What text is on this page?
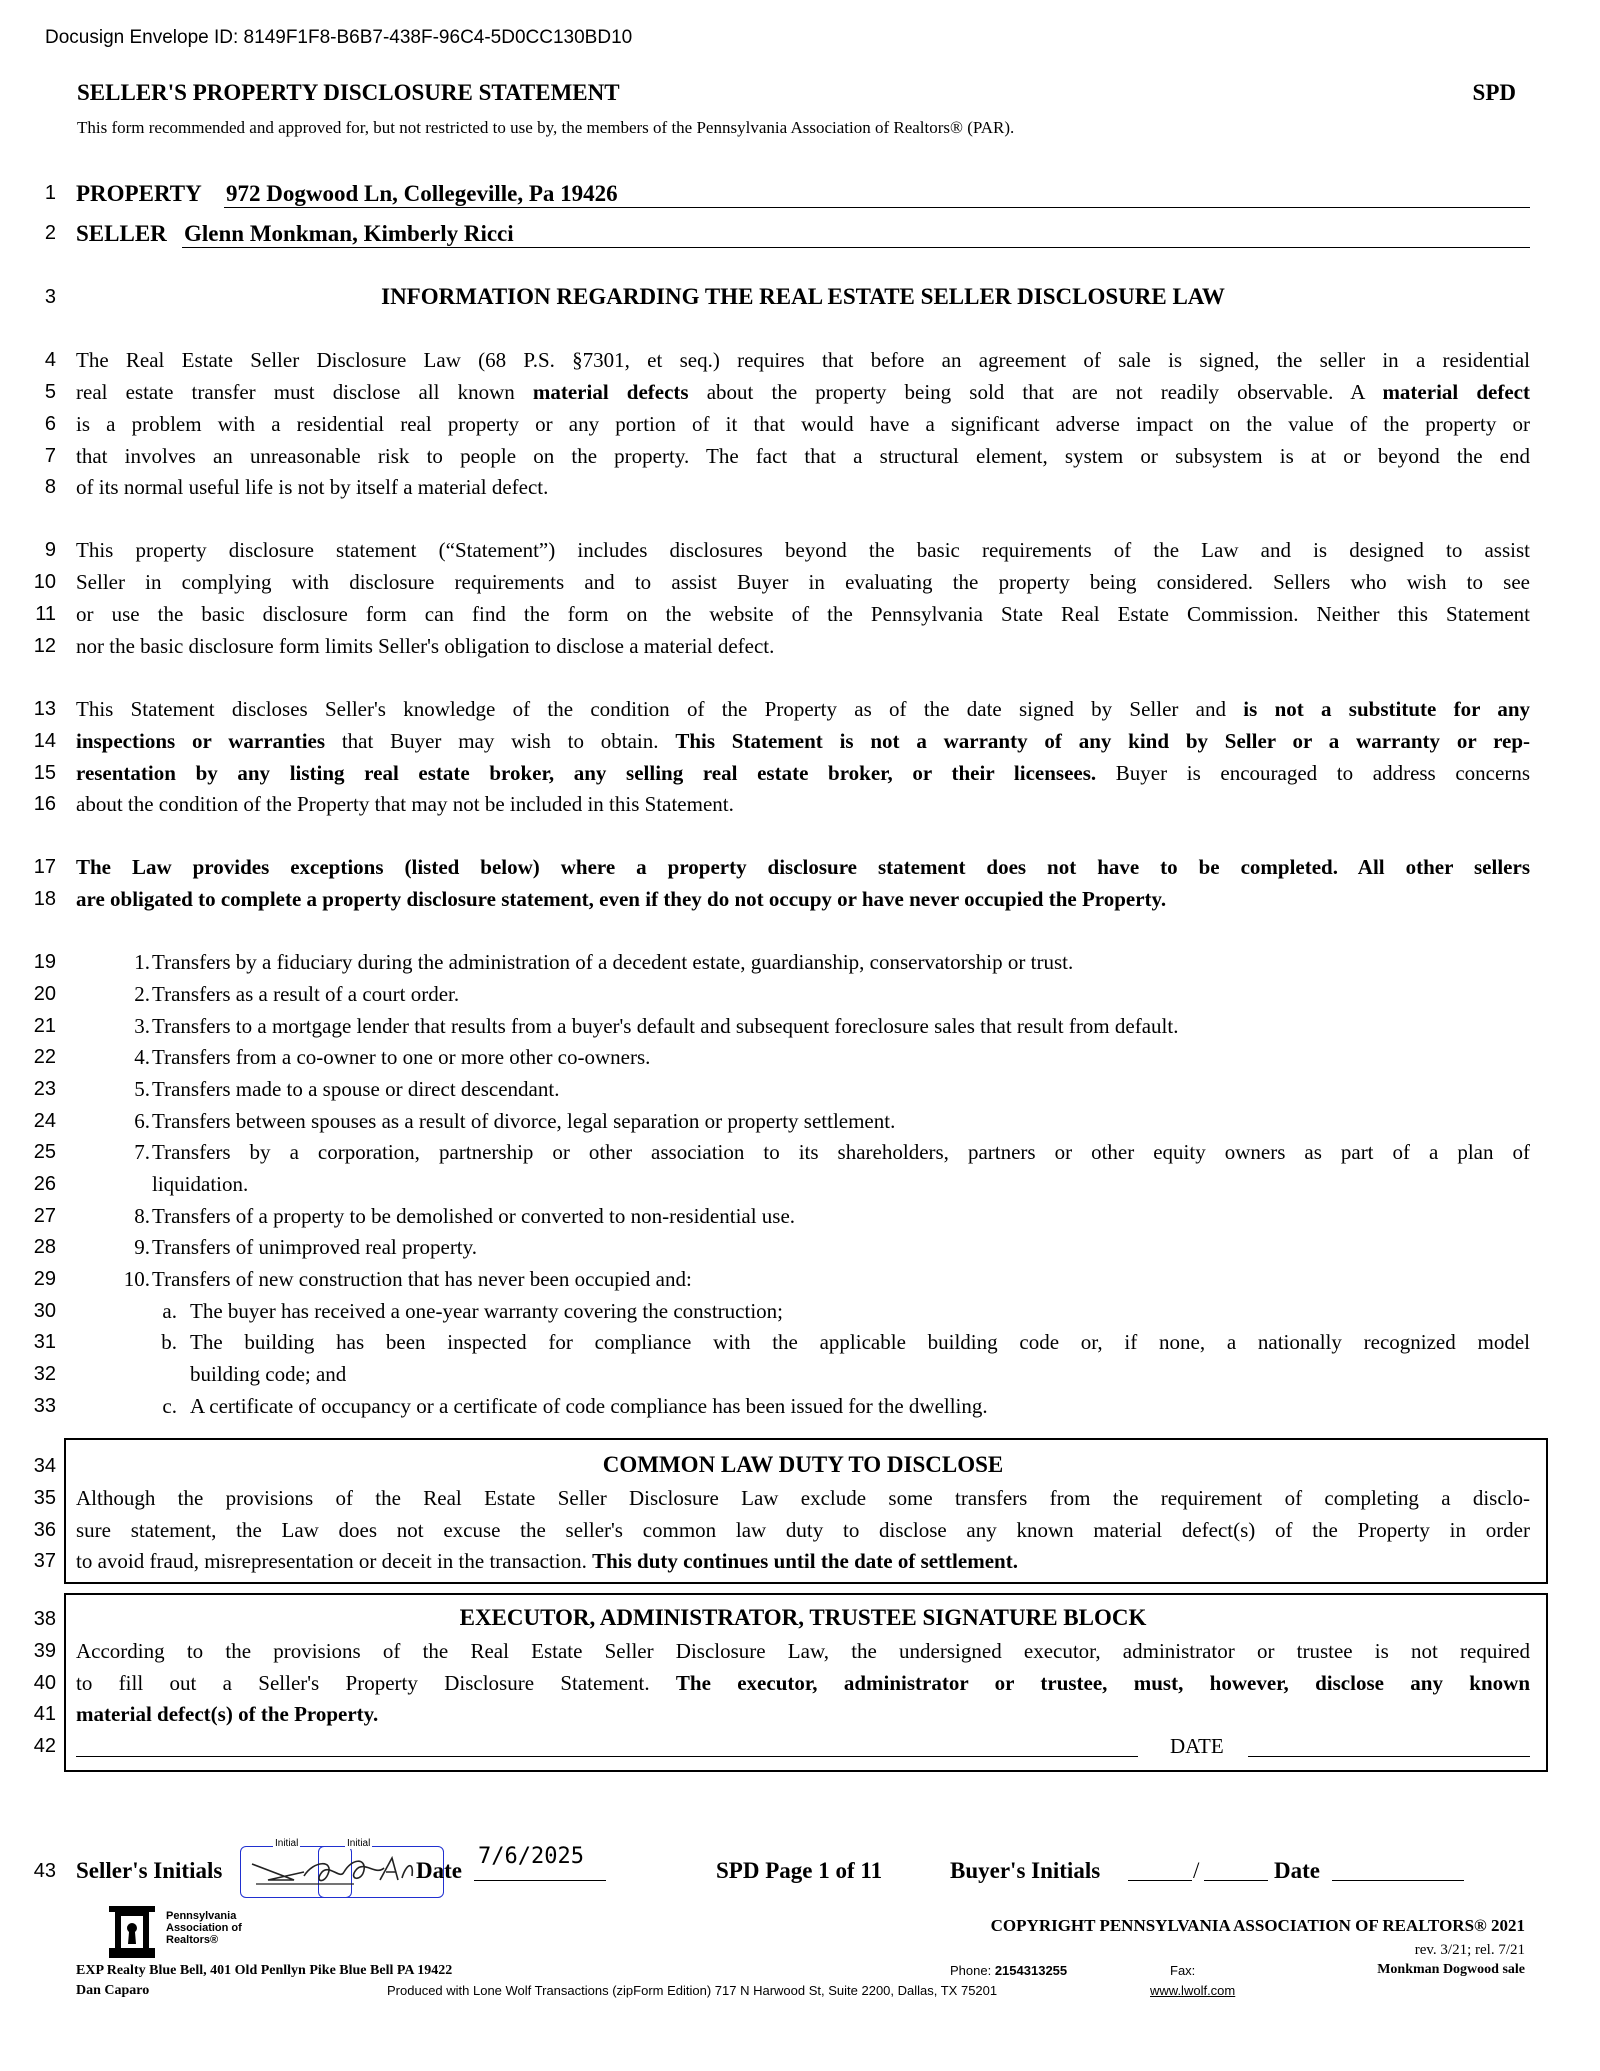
Docusign Envelope ID: 8149F1F8-B6B7-438F-96C4-5D0CC130BD10
SELLER'S PROPERTY DISCLOSURE STATEMENT	SPD
This form recommended and approved for, but not restricted to use by, the members of the Pennsylvania Association of Realtors® (PAR).
1
2
3
4
5
6
7
8
9
10
11
12
13
14
15
16
17
18
19
20
21
22
23
24
25
26
27
28
29
30
31
32
33
34
35
36
37
38
39
40
41
42
43
PROPERTY 972 Dogwood Ln, Collegeville, Pa 19426
SELLER Glenn Monkman, Kimberly Ricci
INFORMATION REGARDING THE REAL ESTATE SELLER DISCLOSURE LAW
The Real Estate Seller Disclosure Law (68 P.S. §7301, et seq.) requires that before an agreement of sale is signed, the seller in a residential
real estate transfer must disclose all known material defects about the property being sold that are not readily observable. A material defect
is a problem with a residential real property or any portion of it that would have a significant adverse impact on the value of the property or
that involves an unreasonable risk to people on the property. The fact that a structural element, system or subsystem is at or beyond the end
of its normal useful life is not by itself a material defect.
This property disclosure statement (“Statement”) includes disclosures beyond the basic requirements of the Law and is designed to assist
Seller in complying with disclosure requirements and to assist Buyer in evaluating the property being considered. Sellers who wish to see
or use the basic disclosure form can find the form on the website of the Pennsylvania State Real Estate Commission. Neither this Statement
nor the basic disclosure form limits Seller's obligation to disclose a material defect.
This Statement discloses Seller's knowledge of the condition of the Property as of the date signed by Seller and is not a substitute for any
inspections or warranties that Buyer may wish to obtain. This Statement is not a warranty of any kind by Seller or a warranty or rep-
resentation by any listing real estate broker, any selling real estate broker, or their licensees. Buyer is encouraged to address concerns
about the condition of the Property that may not be included in this Statement.
The Law provides exceptions (listed below) where a property disclosure statement does not have to be completed. All other sellers
are obligated to complete a property disclosure statement, even if they do not occupy or have never occupied the Property.
1. Transfers by a fiduciary during the administration of a decedent estate, guardianship, conservatorship or trust.
2. Transfers as a result of a court order.
3. Transfers to a mortgage lender that results from a buyer's default and subsequent foreclosure sales that result from default.
4. Transfers from a co-owner to one or more other co-owners.
5. Transfers made to a spouse or direct descendant.
6. Transfers between spouses as a result of divorce, legal separation or property settlement.
7. Transfers by a corporation, partnership or other association to its shareholders, partners or other equity owners as part of a plan of
liquidation.
8. Transfers of a property to be demolished or converted to non-residential use.
9. Transfers of unimproved real property.
10. Transfers of new construction that has never been occupied and:
a. The buyer has received a one-year warranty covering the construction;
b. The building has been inspected for compliance with the applicable building code or, if none, a nationally recognized model
building code; and
c. A certificate of occupancy or a certificate of code compliance has been issued for the dwelling.
COMMON LAW DUTY TO DISCLOSE
Although the provisions of the Real Estate Seller Disclosure Law exclude some transfers from the requirement of completing a disclo-
sure statement, the Law does not excuse the seller's common law duty to disclose any known material defect(s) of the Property in order
to avoid fraud, misrepresentation or deceit in the transaction. This duty continues until the date of settlement.
EXECUTOR, ADMINISTRATOR, TRUSTEE SIGNATURE BLOCK
According to the provisions of the Real Estate Seller Disclosure Law, the undersigned executor, administrator or trustee is not required
to fill out a Seller's Property Disclosure Statement. The executor, administrator or trustee, must, however, disclose any known
material defect(s) of the Property.
DATE
Seller's Initials
Initial	Initial
Date
7/6/2025
SPD Page 1 of 11	Buyer's Initials	/	Date
Pennsylvania
Association of
Realtors®
COPYRIGHT PENNSYLVANIA ASSOCIATION OF REALTORS® 2021
rev. 3/21; rel. 7/21
Monkman Dogwood sale
EXP Realty Blue Bell, 401 Old Penllyn Pike Blue Bell PA 19422
Dan Caparo
Phone: 2154313255	Fax:
Produced with Lone Wolf Transactions (zipForm Edition) 717 N Harwood St, Suite 2200, Dallas, TX 75201	www.lwolf.com
